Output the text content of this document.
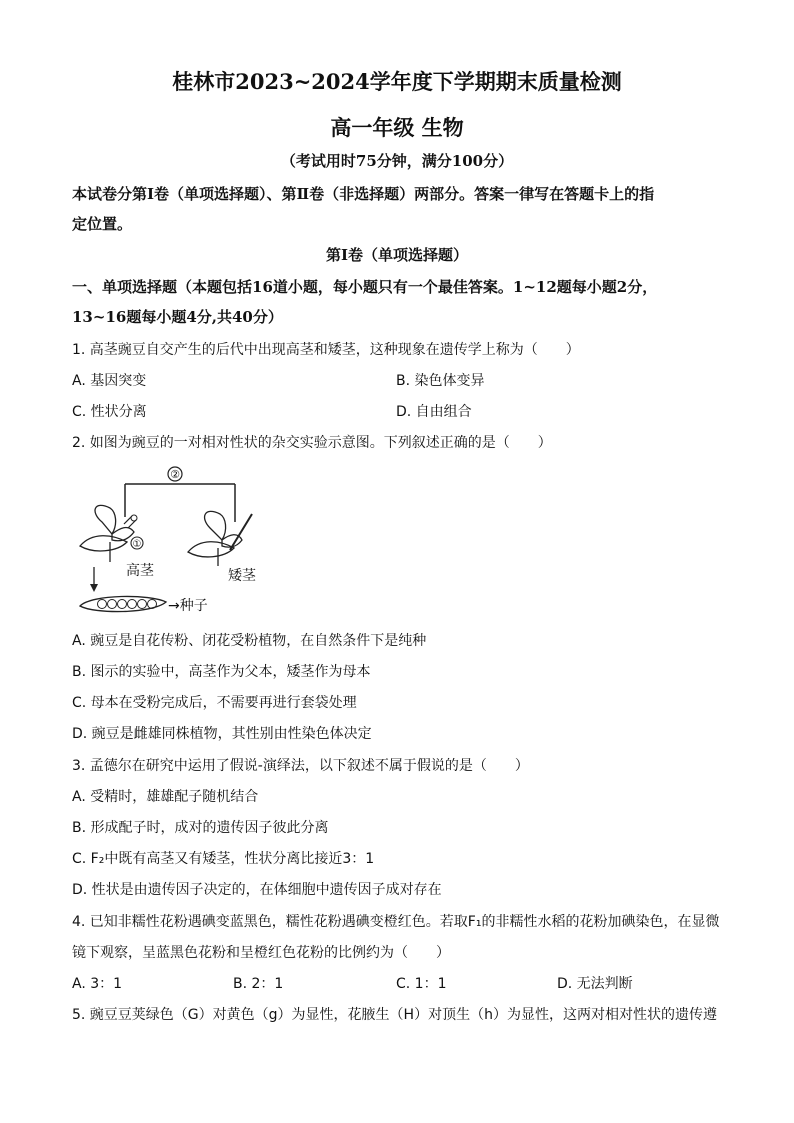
桂林市2023~2024学年度下学期期末质量检测
高一年级 生物
（考试用时75分钟，满分100分）
本试卷分第Ⅰ卷（单项选择题）、第Ⅱ卷（非选择题）两部分。答案一律写在答题卡上的指
定位置。
第Ⅰ卷（单项选择题）
一、单项选择题（本题包括16道小题，每小题只有一个最佳答案。1~12题每小题2分，
13~16题每小题4分,共40分）
1. 高茎豌豆自交产生的后代中出现高茎和矮茎，这种现象在遗传学上称为（　　）
A. 基因突变	B. 染色体变异
C. 性状分离	D. 自由组合
2. 如图为豌豆的一对相对性状的杂交实验示意图。下列叙述正确的是（　　）
②
①
高茎	矮茎
→种子
A. 豌豆是自花传粉、闭花受粉植物，在自然条件下是纯种
B. 图示的实验中，高茎作为父本，矮茎作为母本
C. 母本在受粉完成后，不需要再进行套袋处理
D. 豌豆是雌雄同株植物，其性别由性染色体决定
3. 孟德尔在研究中运用了假说-演绎法，以下叙述不属于假说的是（　　）
A. 受精时，雄雄配子随机结合
B. 形成配子时，成对的遗传因子彼此分离
C. F₂中既有高茎又有矮茎，性状分离比接近3：1
D. 性状是由遗传因子决定的，在体细胞中遗传因子成对存在
4. 已知非糯性花粉遇碘变蓝黑色，糯性花粉遇碘变橙红色。若取F₁的非糯性水稻的花粉加碘染色，在显微
镜下观察，呈蓝黑色花粉和呈橙红色花粉的比例约为（　　）
A. 3：1	B. 2：1	C. 1：1	D. 无法判断
5. 豌豆豆荚绿色（G）对黄色（g）为显性，花腋生（H）对顶生（h）为显性，这两对相对性状的遗传遵
